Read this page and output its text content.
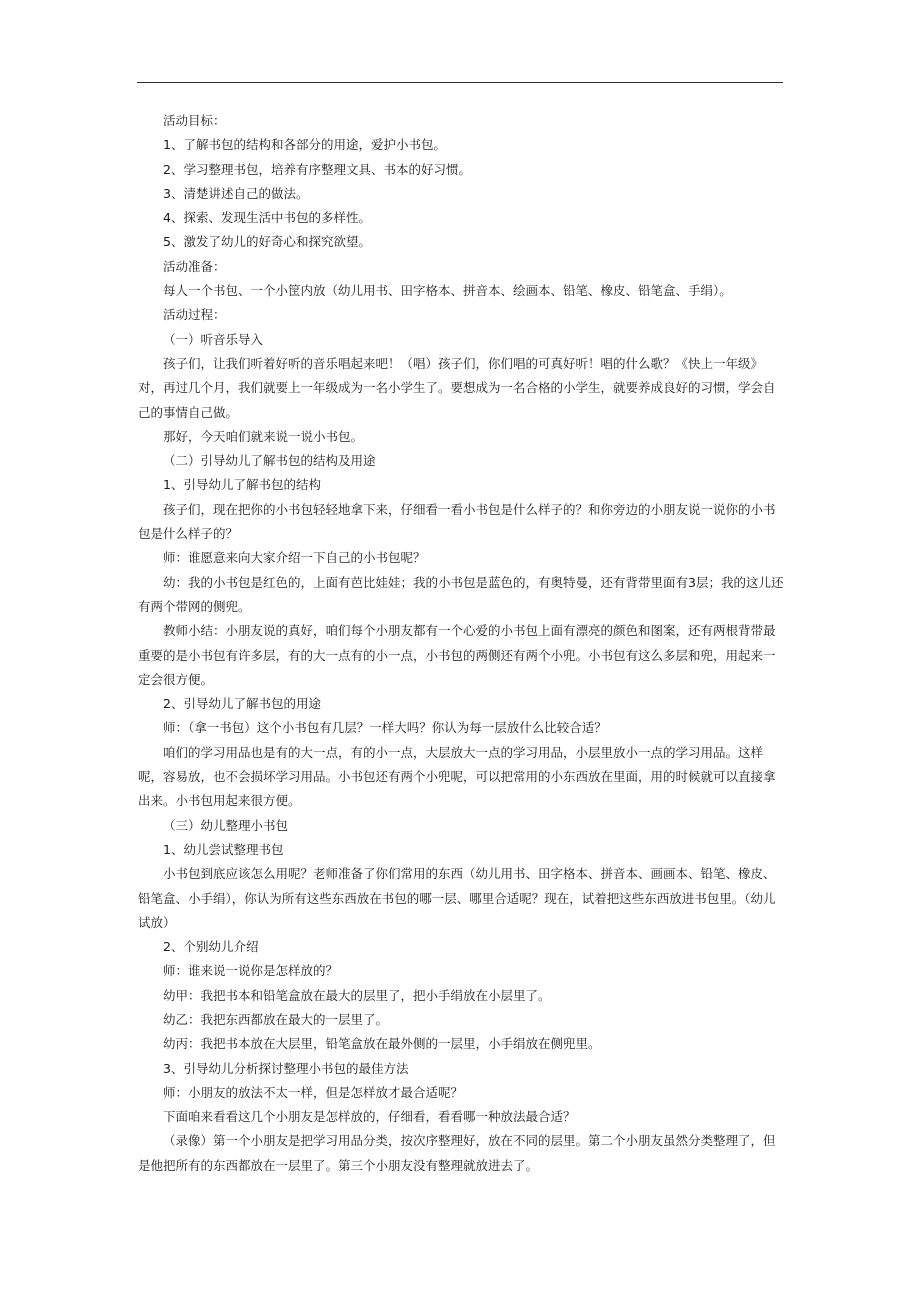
活动目标：

1、了解书包的结构和各部分的用途，爱护小书包。

2、学习整理书包，培养有序整理文具、书本的好习惯。

3、清楚讲述自己的做法。

4、探索、发现生活中书包的多样性。

5、激发了幼儿的好奇心和探究欲望。

活动准备：

每人一个书包、一个小筐内放（幼儿用书、田字格本、拼音本、绘画本、铅笔、橡皮、铅笔盒、手绢）。

活动过程：

（一）听音乐导入

孩子们，让我们听着好听的音乐唱起来吧！（唱）孩子们，你们唱的可真好听！唱的什么歌？《快上一年级》对，再过几个月，我们就要上一年级成为一名小学生了。要想成为一名合格的小学生，就要养成良好的习惯，学会自己的事情自己做。

那好，今天咱们就来说一说小书包。

（二）引导幼儿了解书包的结构及用途

1、引导幼儿了解书包的结构

孩子们，现在把你的小书包轻轻地拿下来，仔细看一看小书包是什么样子的？和你旁边的小朋友说一说你的小书包是什么样子的？

师：谁愿意来向大家介绍一下自己的小书包呢？

幼：我的小书包是红色的，上面有芭比娃娃；我的小书包是蓝色的，有奥特曼，还有背带里面有3层；我的这儿还有两个带网的侧兜。

教师小结：小朋友说的真好，咱们每个小朋友都有一个心爱的小书包上面有漂亮的颜色和图案，还有两根背带最重要的是小书包有许多层，有的大一点有的小一点，小书包的两侧还有两个小兜。小书包有这么多层和兜，用起来一定会很方便。

2、引导幼儿了解书包的用途

师：（拿一书包）这个小书包有几层？一样大吗？你认为每一层放什么比较合适？

咱们的学习用品也是有的大一点，有的小一点，大层放大一点的学习用品，小层里放小一点的学习用品。这样呢，容易放，也不会损坏学习用品。小书包还有两个小兜呢，可以把常用的小东西放在里面，用的时候就可以直接拿出来。小书包用起来很方便。

（三）幼儿整理小书包

1、幼儿尝试整理书包

小书包到底应该怎么用呢？老师准备了你们常用的东西（幼儿用书、田字格本、拼音本、画画本、铅笔、橡皮、铅笔盒、小手绢），你认为所有这些东西放在书包的哪一层、哪里合适呢？现在，试着把这些东西放进书包里。（幼儿试放）

2、个别幼儿介绍

师：谁来说一说你是怎样放的？

幼甲：我把书本和铅笔盒放在最大的层里了，把小手绢放在小层里了。

幼乙：我把东西都放在最大的一层里了。

幼丙：我把书本放在大层里，铅笔盒放在最外侧的一层里，小手绢放在侧兜里。

3、引导幼儿分析探讨整理小书包的最佳方法

师：小朋友的放法不太一样，但是怎样放才最合适呢？

下面咱来看看这几个小朋友是怎样放的，仔细看，看看哪一种放法最合适？

（录像）第一个小朋友是把学习用品分类，按次序整理好，放在不同的层里。第二个小朋友虽然分类整理了，但是他把所有的东西都放在一层里了。第三个小朋友没有整理就放进去了。
